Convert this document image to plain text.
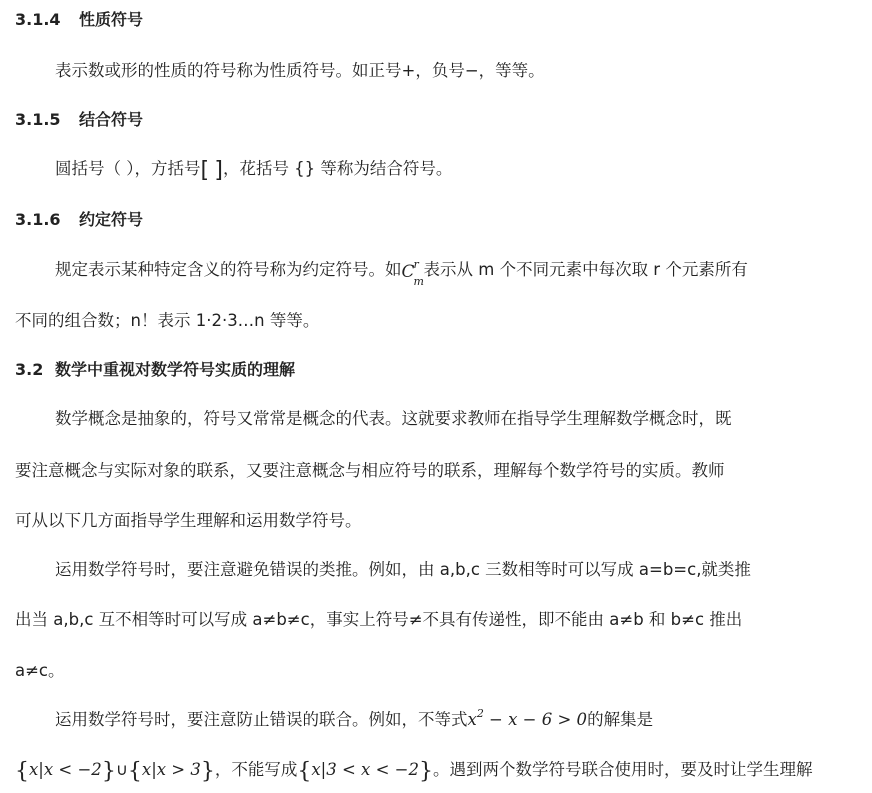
3.1.4 性质符号
表示数或形的性质的符号称为性质符号。如正号+，负号−，等等。
3.1.5 结合符号
圆括号（ ），方括号[ ]，花括号 {} 等称为结合符号。
3.1.6 约定符号
规定表示某种特定含义的符号称为约定符号。如 C
r
m
表示从 m 个不同元素中每次取 r 个元素所有
不同的组合数；n！表示 1·2·3…n 等等。
3.2 数学中重视对数学符号实质的理解
数学概念是抽象的，符号又常常是概念的代表。这就要求教师在指导学生理解数学概念时，既
要注意概念与实际对象的联系，又要注意概念与相应符号的联系，理解每个数学符号的实质。教师
可从以下几方面指导学生理解和运用数学符号。
运用数学符号时，要注意避免错误的类推。例如，由 a,b,c 三数相等时可以写成 a=b=c,就类推
出当 a,b,c 互不相等时可以写成 a≠b≠c，事实上符号≠不具有传递性，即不能由 a≠b 和 b≠c 推出
a≠c。
运用数学符号时，要注意防止错误的联合。例如，不等式$x^2 - x - 6 > 0$的解集是
{x|x < −2}∪{x|x > 3}，不能写成{x|3 < x < −2}。遇到两个数学符号联合使用时，要及时让学生理解
